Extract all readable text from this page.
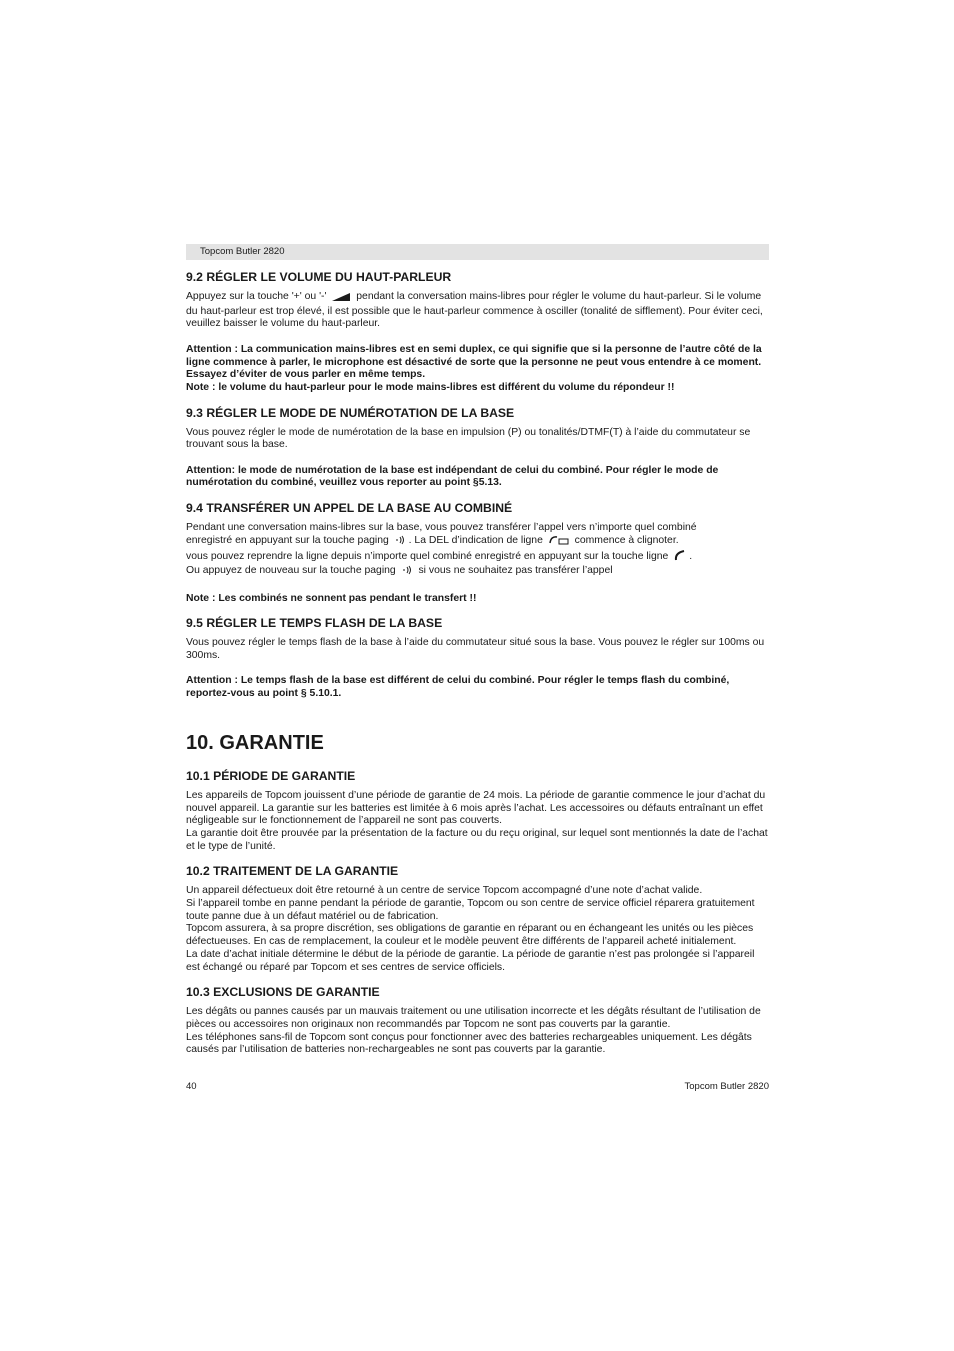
Topcom Butler 2820
9.2 RÉGLER LE VOLUME DU HAUT-PARLEUR

Appuyez sur la touche '+' ou '-'	pendant la conversation mains-libres pour régler le volume du haut-parleur. Si le volume du haut-parleur est trop élevé, il est possible que le haut-parleur commence à osciller (tonalité de sifflement). Pour éviter ceci, veuillez baisser le volume du haut-parleur.

Attention : La communication mains-libres est en semi duplex, ce qui signifie que si la personne de l’autre côté de la ligne commence à parler, le microphone est désactivé de sorte que la personne ne peut vous entendre à ce moment. Essayez d’éviter de vous parler en même temps.

Note : le volume du haut-parleur pour le mode mains-libres est différent du volume du répondeur !!

9.3 RÉGLER LE MODE DE NUMÉROTATION DE LA BASE

Vous pouvez régler le mode de numérotation de la base en impulsion (P) ou tonalités/DTMF(T) à l’aide du commutateur se trouvant sous la base.

Attention: le mode de numérotation de la base est indépendant de celui du combiné. Pour régler le mode de numérotation du combiné, veuillez vous reporter au point §5.13.

9.4 TRANSFÉRER UN APPEL DE LA BASE AU COMBINÉ

Pendant une conversation mains-libres sur la base, vous pouvez transférer l’appel vers n’importe quel combiné

enregistré en appuyant sur la touche paging . La DEL d’indication de ligne	commence à clignoter.

vous pouvez reprendre la ligne depuis n’importe quel combiné enregistré en appuyant sur la touche ligne .

Ou appuyez de nouveau sur la touche paging si vous ne souhaitez pas transférer l’appel

Note : Les combinés ne sonnent pas pendant le transfert !!

9.5 RÉGLER LE TEMPS FLASH DE LA BASE

Vous pouvez régler le temps flash de la base à l’aide du commutateur situé sous la base. Vous pouvez le régler sur 100ms ou 300ms.

Attention : Le temps flash de la base est différent de celui du combiné. Pour régler le temps flash du combiné, reportez-vous au point § 5.10.1.

10. GARANTIE
10.1 PÉRIODE DE GARANTIE

Les appareils de Topcom jouissent d’une période de garantie de 24 mois. La période de garantie commence le jour d’achat du nouvel appareil. La garantie sur les batteries est limitée à 6 mois après l’achat. Les accessoires ou défauts entraînant un effet négligeable sur le fonctionnement de l’appareil ne sont pas couverts.

La garantie doit être prouvée par la présentation de la facture ou du reçu original, sur lequel sont mentionnés la date de l’achat et le type de l’unité.

10.2 TRAITEMENT DE LA GARANTIE

Un appareil défectueux doit être retourné à un centre de service Topcom accompagné d’une note d’achat valide.

Si l’appareil tombe en panne pendant la période de garantie, Topcom ou son centre de service officiel réparera gratuitement toute panne due à un défaut matériel ou de fabrication.

Topcom assurera, à sa propre discrétion, ses obligations de garantie en réparant ou en échangeant les unités ou les pièces défectueuses. En cas de remplacement, la couleur et le modèle peuvent être différents de l’appareil acheté initialement.

La date d’achat initiale détermine le début de la période de garantie. La période de garantie n’est pas prolongée si l’appareil est échangé ou réparé par Topcom et ses centres de service officiels.

10.3 EXCLUSIONS DE GARANTIE

Les dégâts ou pannes causés par un mauvais traitement ou une utilisation incorrecte et les dégâts résultant de l’utilisation de pièces ou accessoires non originaux non recommandés par Topcom ne sont pas couverts par la garantie.

Les téléphones sans-fil de Topcom sont conçus pour fonctionner avec des batteries rechargeables uniquement. Les dégâts causés par l’utilisation de batteries non-rechargeables ne sont pas couverts par la garantie.

40	Topcom Butler 2820
